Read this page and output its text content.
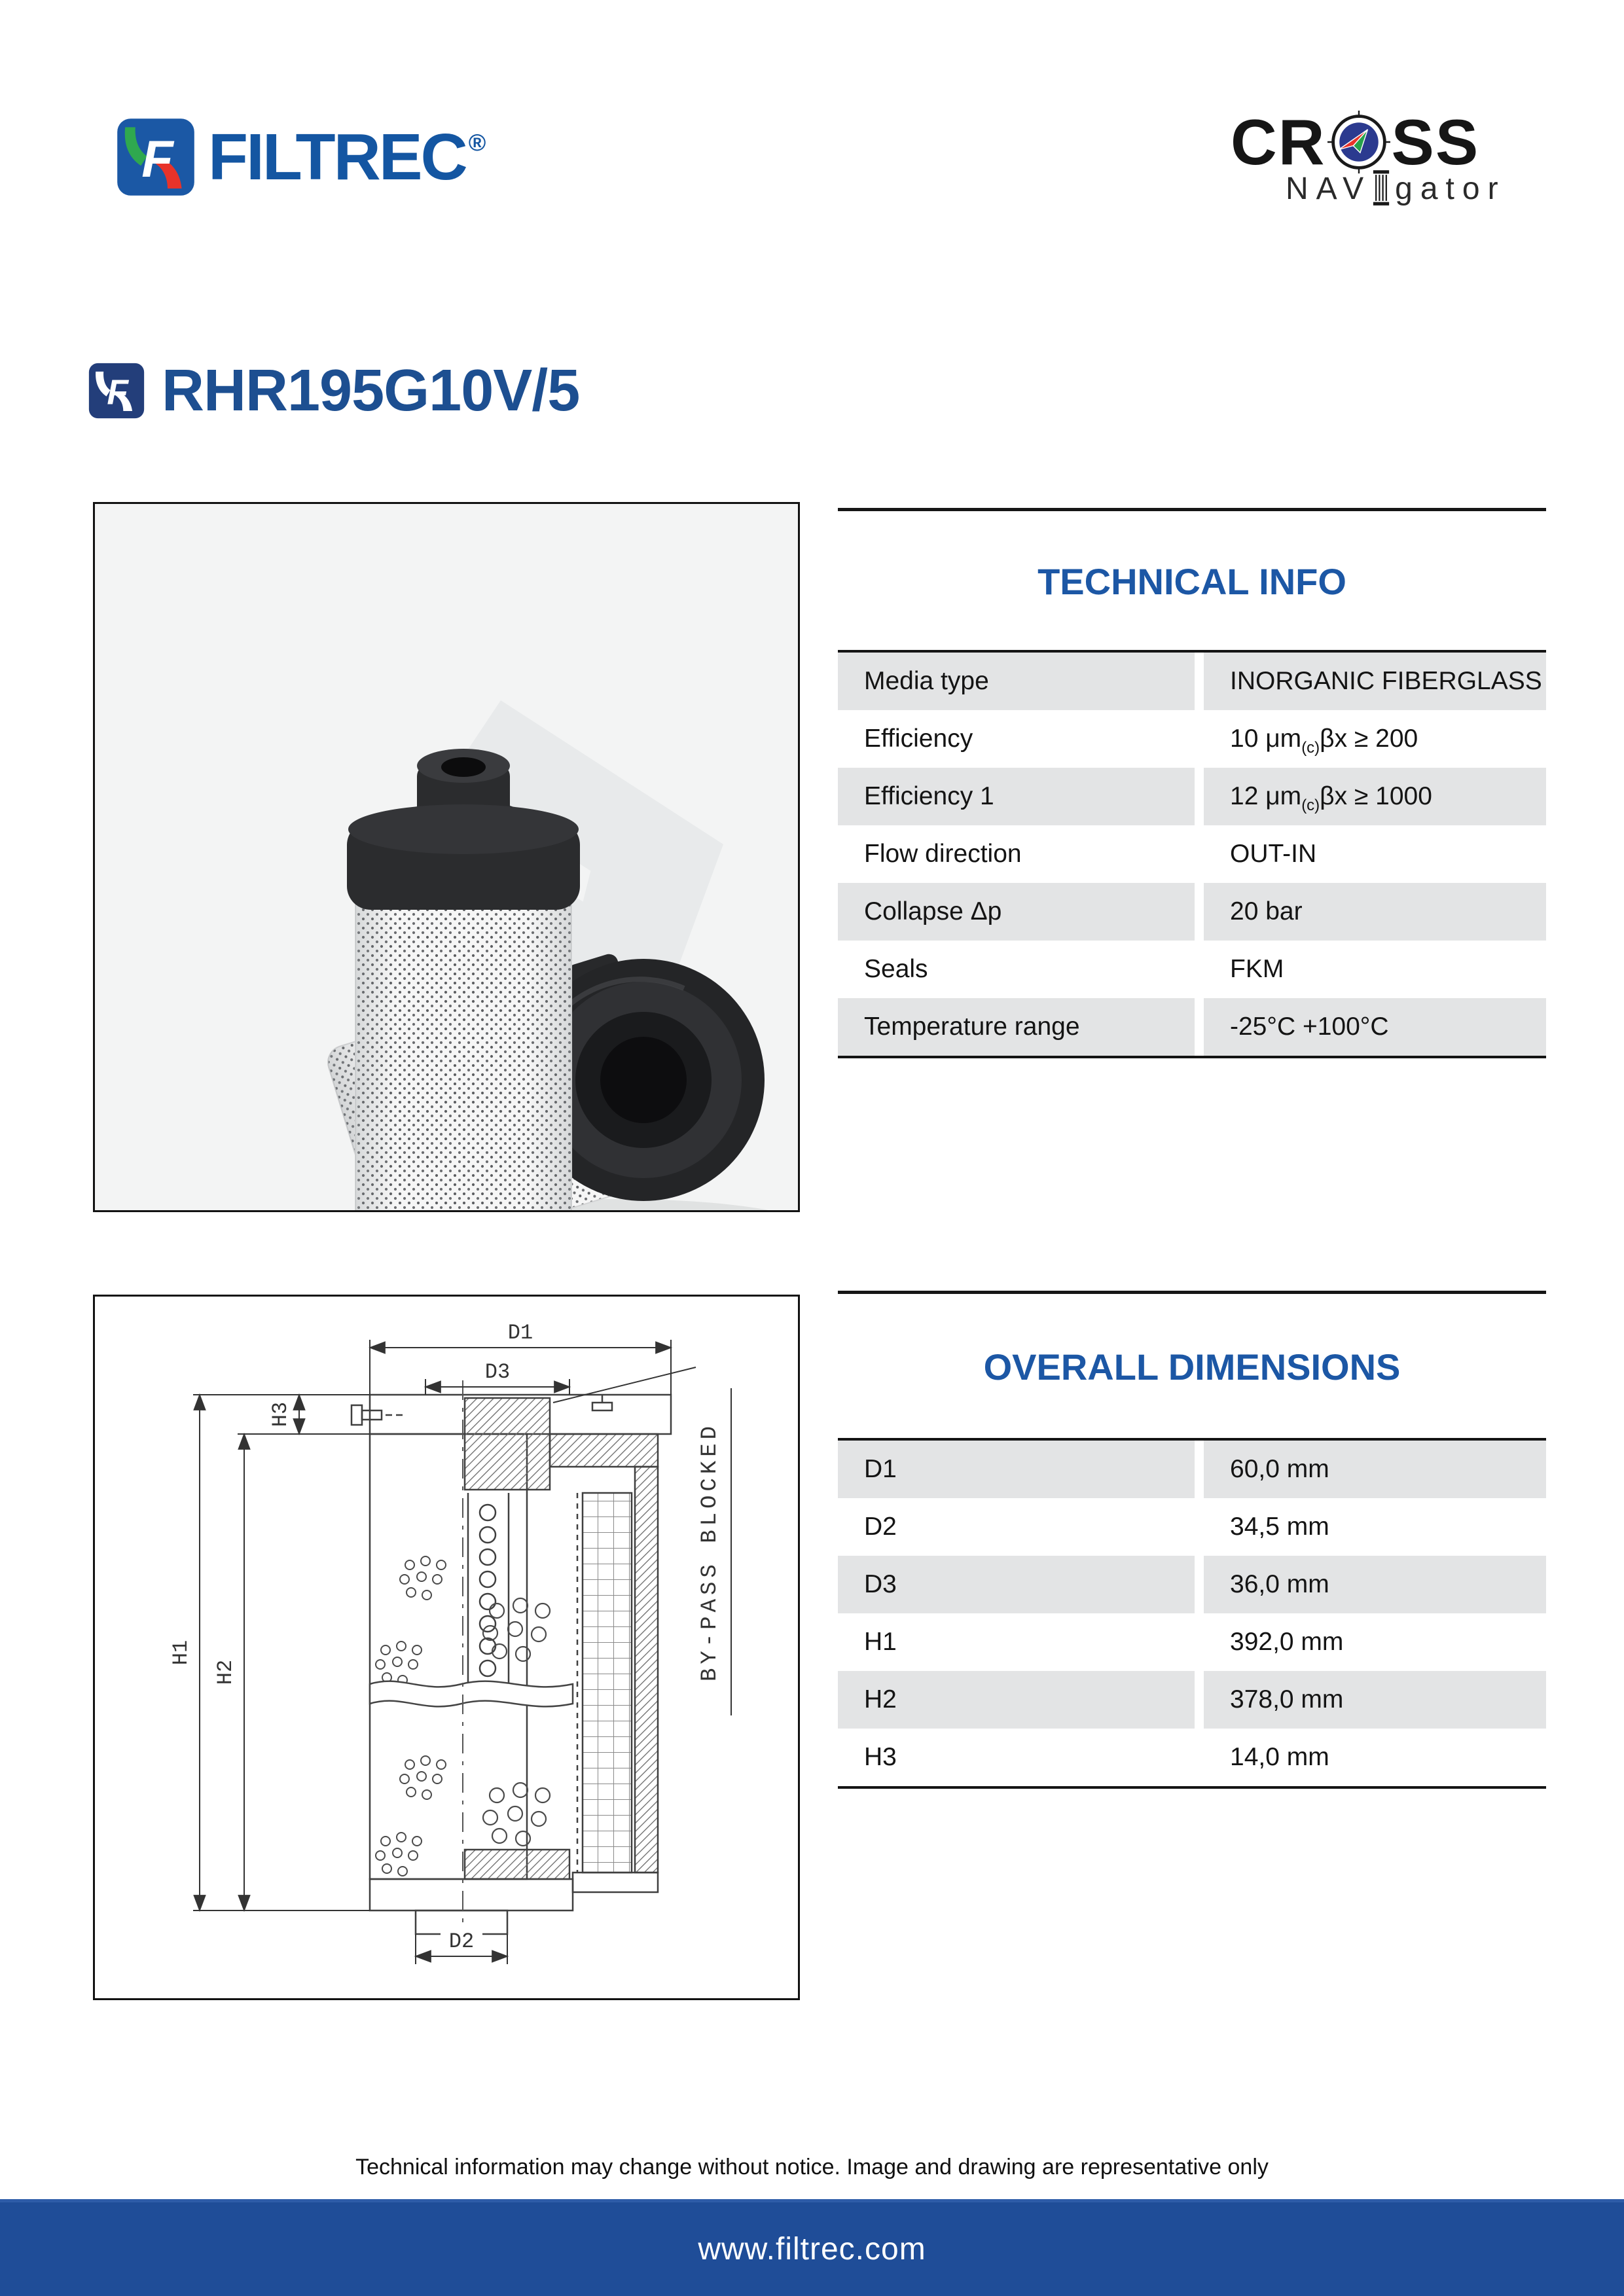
F FILTREC ®	CR SS
NAV gator
F RHR195G10V/5
TECHNICAL INFO
Media type	INORGANIC FIBERGLASS
Efficiency	10 μm (c) βx ≥ 200
Efficiency 1	12 μm (c) βx ≥ 1000
Flow direction	OUT-IN
Collapse Δp	20 bar
Seals	FKM
Temperature range	-25°C +100°C
D1
D3
D2
H3
H1
H2	BY-PASS BLOCKED
OVERALL DIMENSIONS
D1	60,0 mm
D2	34,5 mm
D3	36,0 mm
H1	392,0 mm
H2	378,0 mm
H3	14,0 mm
Technical information may change without notice. Image and drawing are representative only
www.filtrec.com
